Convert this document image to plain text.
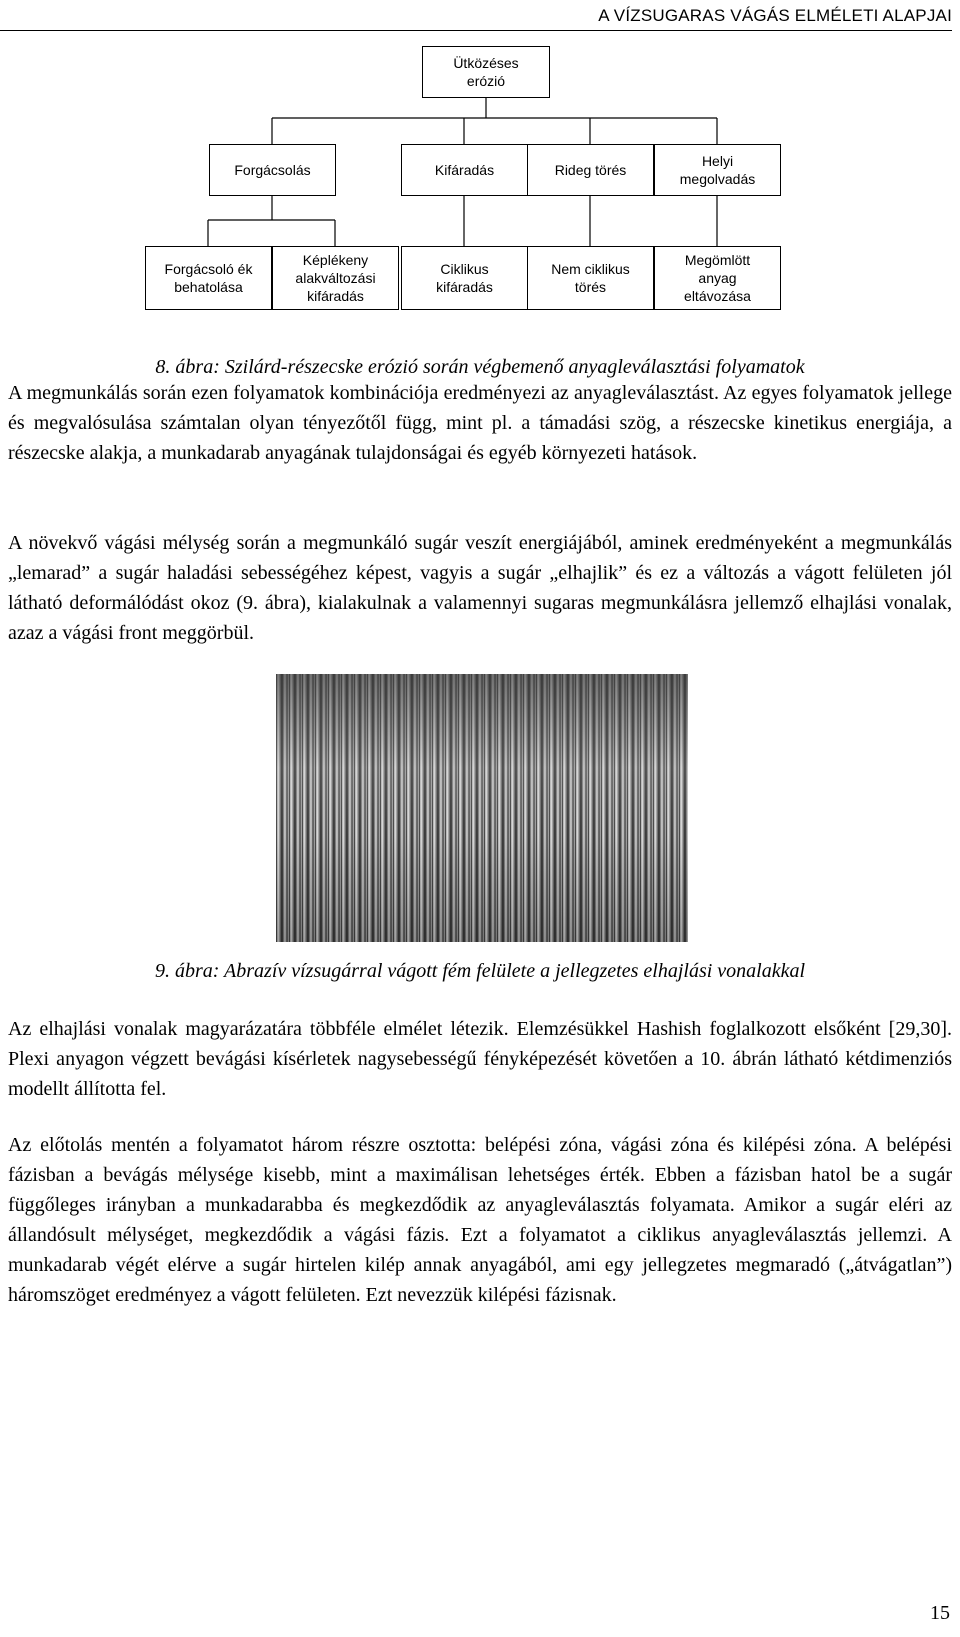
A VÍZSUGARAS VÁGÁS ELMÉLETI ALAPJAI
Ütközéses
erózió
Forgácsolás	Kifáradás	Rideg törés
Helyi
megolvadás
Forgácsoló ék
behatolása
Képlékeny
alakváltozási
kifáradás
Ciklikus
kifáradás
Nem ciklikus
törés
Megömlött
anyag
eltávozása
8. ábra: Szilárd-részecske erózió során végbemenő anyagleválasztási folyamatok

A megmunkálás során ezen folyamatok kombinációja eredményezi az anyagleválasztást. Az egyes folyamatok jellege és megvalósulása számtalan olyan tényezőtől függ, mint pl. a támadási szög, a részecske kinetikus energiája, a részecske alakja, a munkadarab anyagának tulajdonságai és egyéb környezeti hatások.

A növekvő vágási mélység során a megmunkáló sugár veszít energiájából, aminek eredményeként a megmunkálás „lemarad” a sugár haladási sebességéhez képest, vagyis a sugár „elhajlik” és ez a változás a vágott felületen jól látható deformálódást okoz (9. ábra), kialakulnak a valamennyi sugaras megmunkálásra jellemző elhajlási vonalak, azaz a vágási front meggörbül.

9. ábra: Abrazív vízsugárral vágott fém felülete a jellegzetes elhajlási vonalakkal

Az elhajlási vonalak magyarázatára többféle elmélet létezik. Elemzésükkel Hashish foglalkozott elsőként [29,30]. Plexi anyagon végzett bevágási kísérletek nagysebességű fényképezését követően a 10. ábrán látható kétdimenziós modellt állította fel.

Az előtolás mentén a folyamatot három részre osztotta: belépési zóna, vágási zóna és kilépési zóna. A belépési fázisban a bevágás mélysége kisebb, mint a maximálisan lehetséges érték. Ebben a fázisban hatol be a sugár függőleges irányban a munkadarabba és megkezdődik az anyagleválasztás folyamata. Amikor a sugár eléri az állandósult mélységet, megkezdődik a vágási fázis. Ezt a folyamatot a ciklikus anyagleválasztás jellemzi. A munkadarab végét elérve a sugár hirtelen kilép annak anyagából, ami egy jellegzetes megmaradó („átvágatlan”) háromszöget eredményez a vágott felületen. Ezt nevezzük kilépési fázisnak.

15
